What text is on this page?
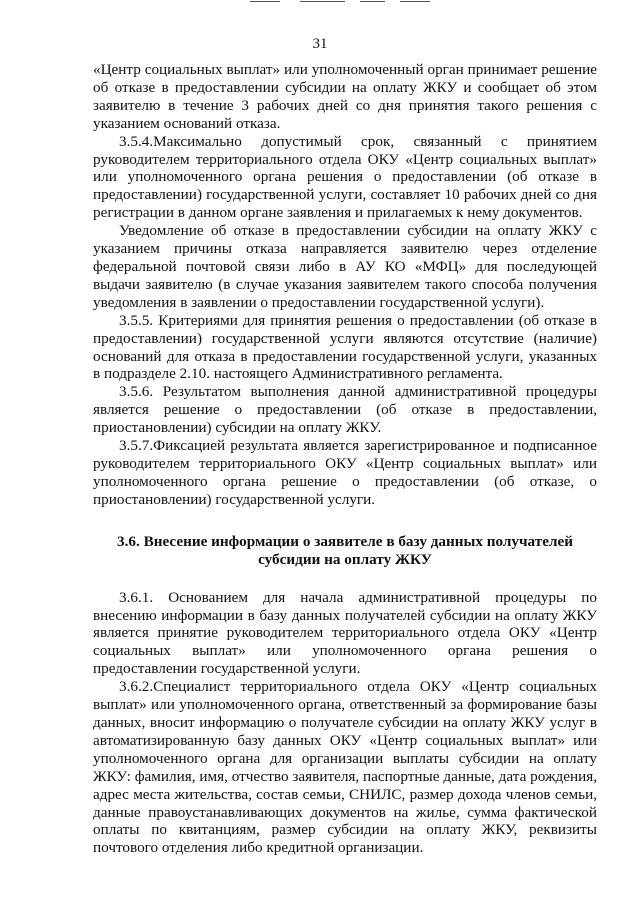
31

«Центр социальных выплат» или уполномоченный орган принимает решение об отказе в предоставлении субсидии на оплату ЖКУ и сообщает об этом заявителю в течение 3 рабочих дней со дня принятия такого решения с указанием оснований отказа.

3.5.4.Максимально допустимый срок, связанный с принятием руководителем территориального отдела ОКУ «Центр социальных выплат» или уполномоченного органа решения о предоставлении (об отказе в предоставлении) государственной услуги, составляет 10 рабочих дней со дня регистрации в данном органе заявления и прилагаемых к нему документов.

Уведомление об отказе в предоставлении субсидии на оплату ЖКУ с указанием причины отказа направляется заявителю через отделение федеральной почтовой связи либо в АУ КО «МФЦ» для последующей выдачи заявителю (в случае указания заявителем такого способа получения уведомления в заявлении о предоставлении государственной услуги).

3.5.5. Критериями для принятия решения о предоставлении (об отказе в предоставлении) государственной услуги являются отсутствие (наличие) оснований для отказа в предоставлении государственной услуги, указанных в подразделе 2.10. настоящего Административного регламента.

3.5.6. Результатом выполнения данной административной процедуры является решение о предоставлении (об отказе в предоставлении, приостановлении) субсидии на оплату ЖКУ.

3.5.7.Фиксацией результата является зарегистрированное и подписанное руководителем территориального ОКУ «Центр социальных выплат» или уполномоченного органа решение о предоставлении (об отказе, о приостановлении) государственной услуги.

3.6. Внесение информации о заявителе в базу данных получателей
субсидии на оплату ЖКУ

3.6.1. Основанием для начала административной процедуры по внесению информации в базу данных получателей субсидии на оплату ЖКУ является принятие руководителем территориального отдела ОКУ «Центр социальных выплат» или уполномоченного органа решения о предоставлении государственной услуги.

3.6.2.Специалист территориального отдела ОКУ «Центр социальных выплат» или уполномоченного органа, ответственный за формирование базы данных, вносит информацию о получателе субсидии на оплату ЖКУ услуг в автоматизированную базу данных ОКУ «Центр социальных выплат» или уполномоченного органа для организации выплаты субсидии на оплату ЖКУ: фамилия, имя, отчество заявителя, паспортные данные, дата рождения, адрес места жительства, состав семьи, СНИЛС, размер дохода членов семьи, данные правоустанавливающих документов на жилье, сумма фактической оплаты по квитанциям, размер субсидии на оплату ЖКУ, реквизиты почтового отделения либо кредитной организации.
